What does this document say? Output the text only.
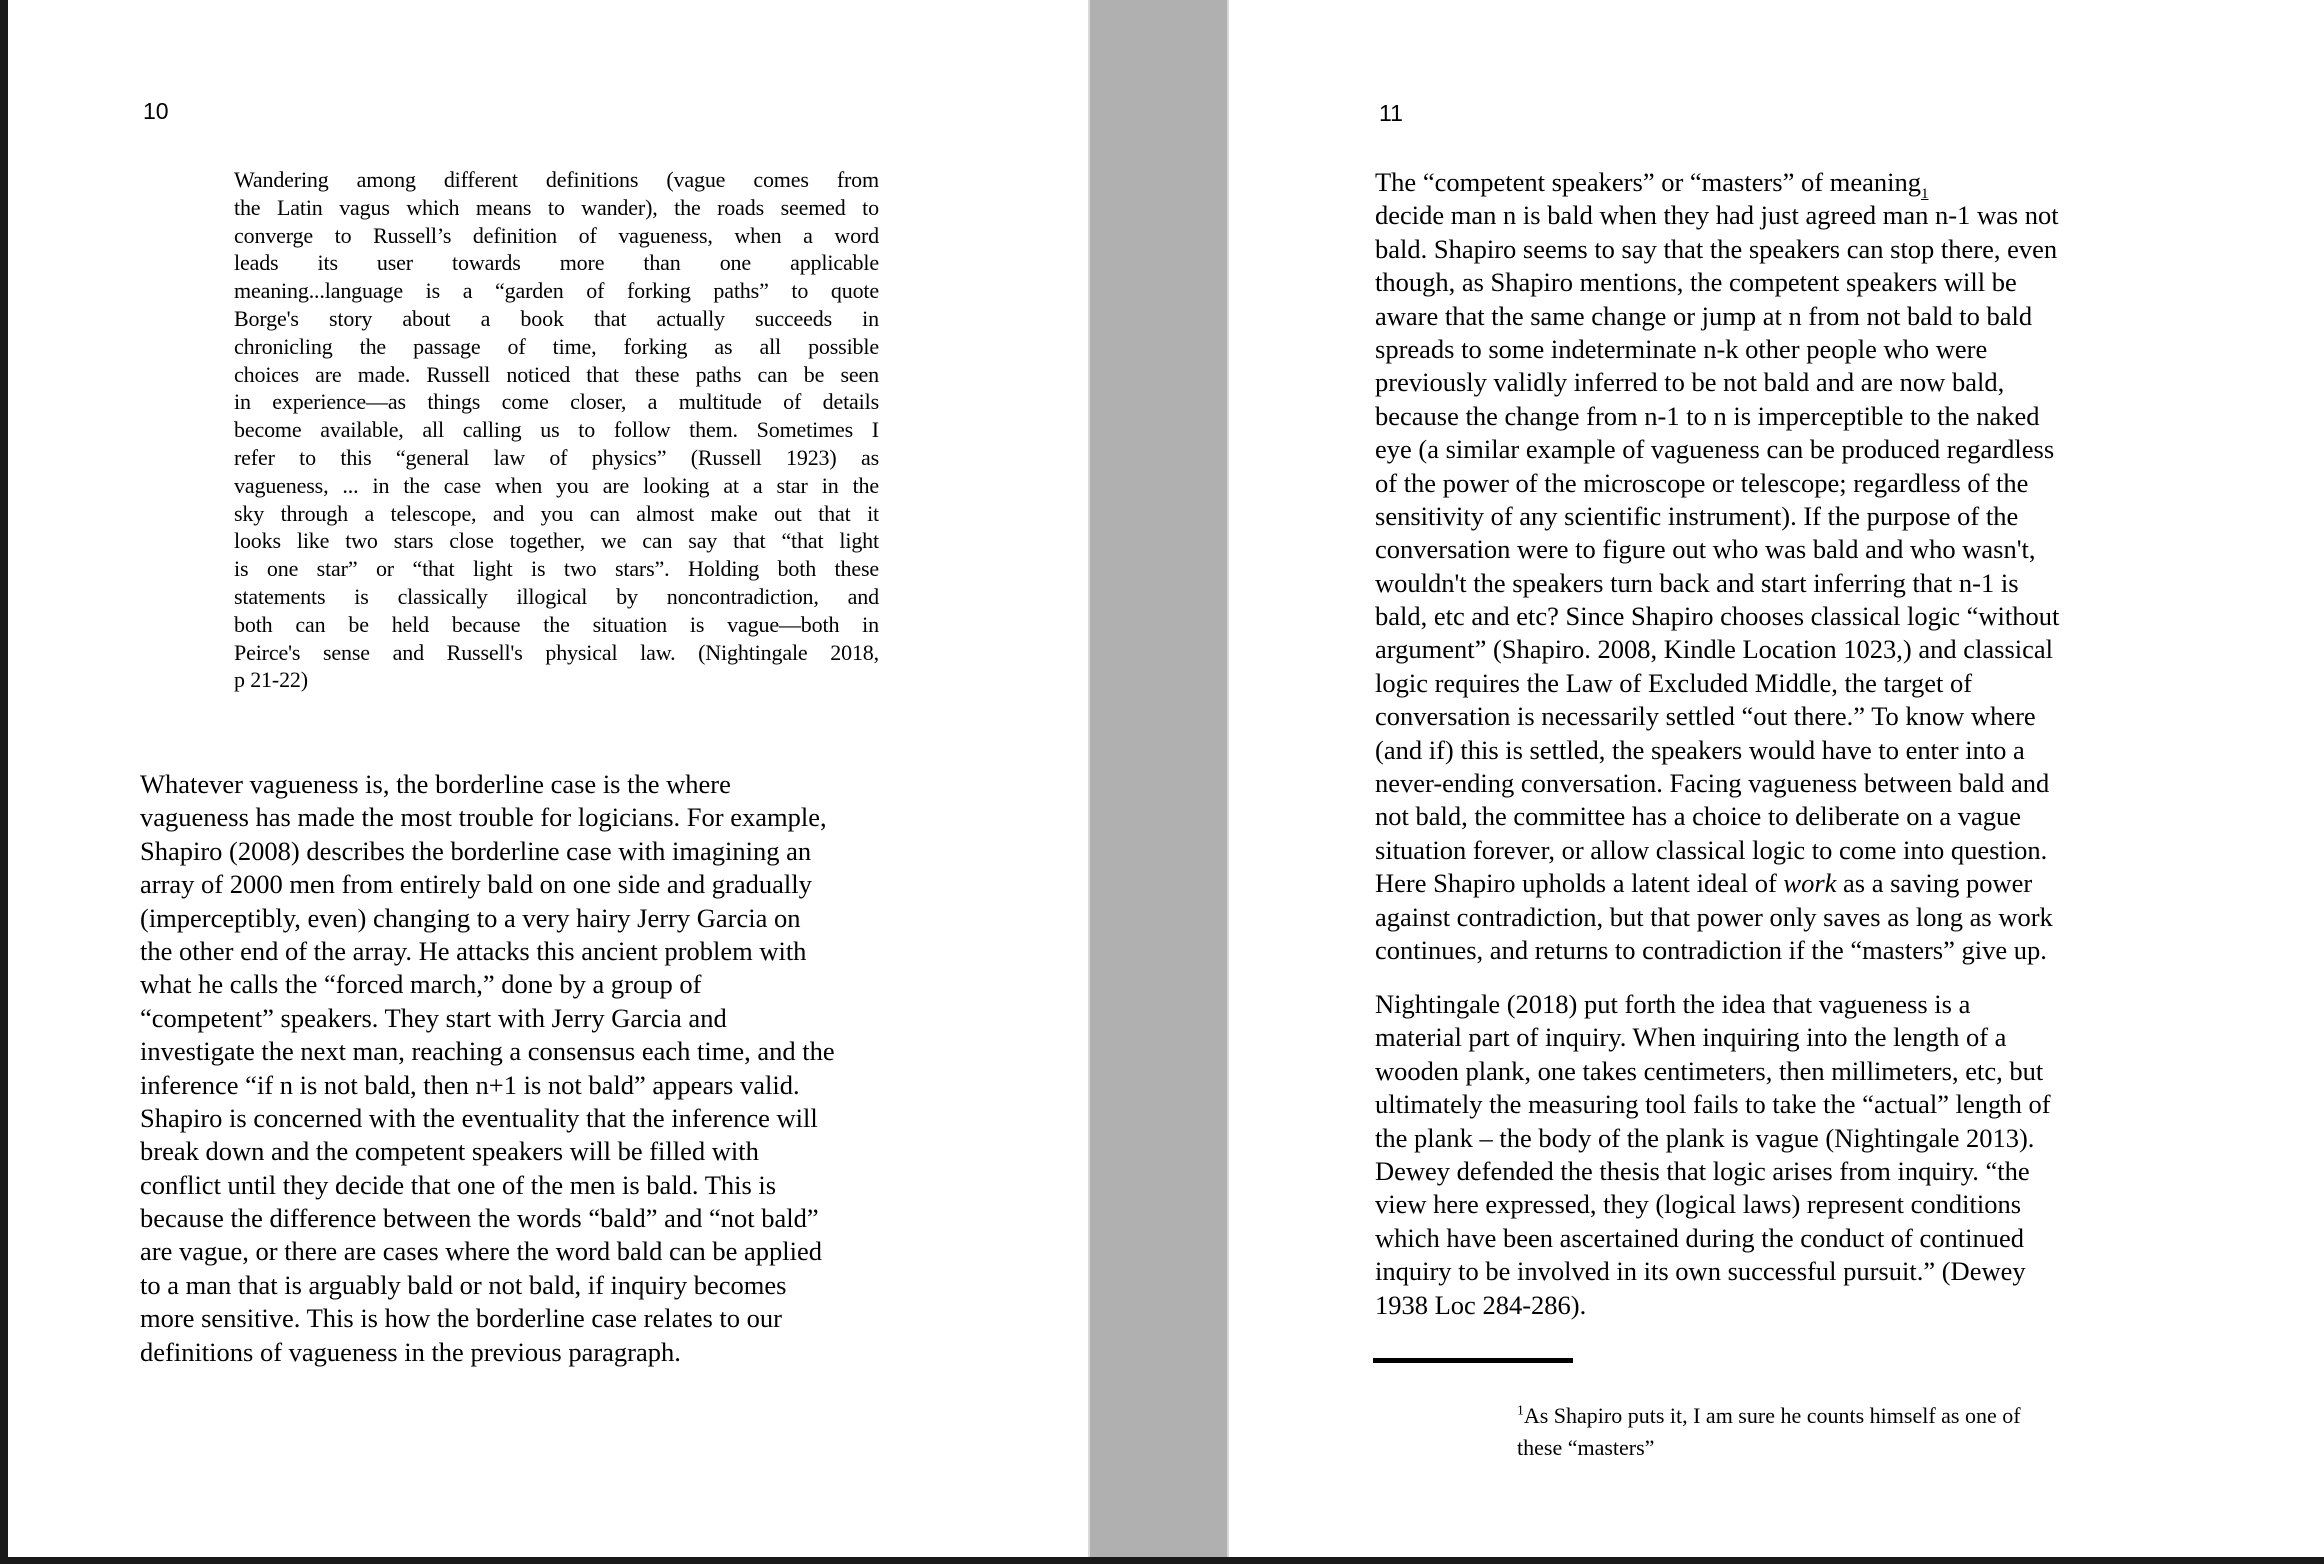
10
Wandering among different definitions (vague comes from
the Latin vagus which means to wander), the roads seemed to
converge to Russell’s definition of vagueness, when a word
leads its user towards more than one applicable
meaning...language is a “garden of forking paths” to quote
Borge's story about a book that actually succeeds in
chronicling the passage of time, forking as all possible
choices are made. Russell noticed that these paths can be seen
in experience—as things come closer, a multitude of details
become available, all calling us to follow them. Sometimes I
refer to this “general law of physics” (Russell 1923) as
vagueness, ... in the case when you are looking at a star in the
sky through a telescope, and you can almost make out that it
looks like two stars close together, we can say that “that light
is one star” or “that light is two stars”. Holding both these
statements is classically illogical by noncontradiction, and
both can be held because the situation is vague—both in
Peirce's sense and Russell's physical law. (Nightingale 2018,
p 21-22)
Whatever vagueness is, the borderline case is the where
vagueness has made the most trouble for logicians. For example,
Shapiro (2008) describes the borderline case with imagining an
array of 2000 men from entirely bald on one side and gradually
(imperceptibly, even) changing to a very hairy Jerry Garcia on
the other end of the array. He attacks this ancient problem with
what he calls the “forced march,” done by a group of
“competent” speakers. They start with Jerry Garcia and
investigate the next man, reaching a consensus each time, and the
inference “if n is not bald, then n+1 is not bald” appears valid.
Shapiro is concerned with the eventuality that the inference will
break down and the competent speakers will be filled with
conflict until they decide that one of the men is bald. This is
because the difference between the words “bald” and “not bald”
are vague, or there are cases where the word bald can be applied
to a man that is arguably bald or not bald, if inquiry becomes
more sensitive. This is how the borderline case relates to our
definitions of vagueness in the previous paragraph.
11
The “competent speakers” or “masters” of meaning$_1$
decide man n is bald when they had just agreed man n-1 was not
bald. Shapiro seems to say that the speakers can stop there, even
though, as Shapiro mentions, the competent speakers will be
aware that the same change or jump at n from not bald to bald
spreads to some indeterminate n-k other people who were
previously validly inferred to be not bald and are now bald,
because the change from n-1 to n is imperceptible to the naked
eye (a similar example of vagueness can be produced regardless
of the power of the microscope or telescope; regardless of the
sensitivity of any scientific instrument). If the purpose of the
conversation were to figure out who was bald and who wasn't,
wouldn't the speakers turn back and start inferring that n-1 is
bald, etc and etc? Since Shapiro chooses classical logic “without
argument” (Shapiro. 2008, Kindle Location 1023,) and classical
logic requires the Law of Excluded Middle, the target of
conversation is necessarily settled “out there.” To know where
(and if) this is settled, the speakers would have to enter into a
never-ending conversation. Facing vagueness between bald and
not bald, the committee has a choice to deliberate on a vague
situation forever, or allow classical logic to come into question.
Here Shapiro upholds a latent ideal of work as a saving power
against contradiction, but that power only saves as long as work
continues, and returns to contradiction if the “masters” give up.
Nightingale (2018) put forth the idea that vagueness is a
material part of inquiry. When inquiring into the length of a
wooden plank, one takes centimeters, then millimeters, etc, but
ultimately the measuring tool fails to take the “actual” length of
the plank – the body of the plank is vague (Nightingale 2013).
Dewey defended the thesis that logic arises from inquiry. “the
view here expressed, they (logical laws) represent conditions
which have been ascertained during the conduct of continued
inquiry to be involved in its own successful pursuit.” (Dewey
1938 Loc 284-286).
$^1$As Shapiro puts it, I am sure he counts himself as one of
these “masters”
